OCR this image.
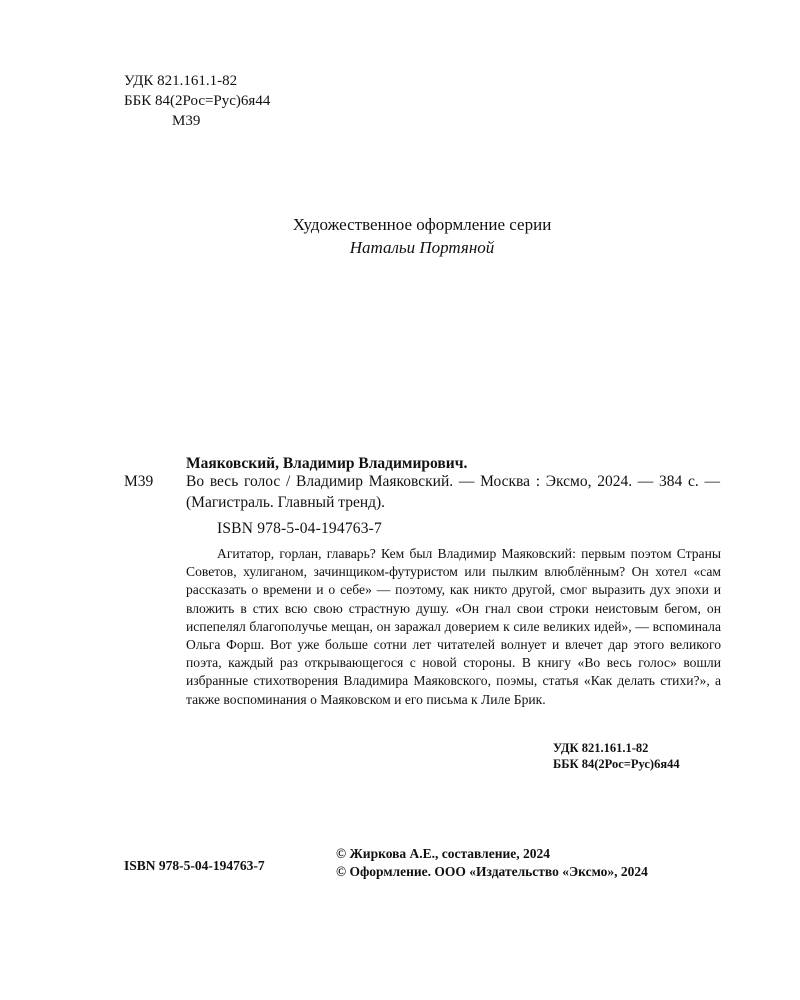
УДК 821.161.1-82
ББК 84(2Рос=Рус)6я44
М39
Художественное оформление серии
Натальи Портяной
Маяковский, Владимир Владимирович.
М39 Во весь голос / Владимир Маяковский. — Москва : Эксмо, 2024. — 384 с. — (Магистраль. Главный тренд).
ISBN 978-5-04-194763-7

Агитатор, горлан, главарь? Кем был Владимир Маяковский: первым поэтом Страны Советов, хулиганом, зачинщиком-футуристом или пылким влюблённым? Он хотел «сам рассказать о времени и о себе» — поэтому, как никто другой, смог выразить дух эпохи и вложить в стих всю свою страстную душу. «Он гнал свои строки неистовым бегом, он испепелял благополучье мещан, он заражал доверием к силе великих идей», — вспоминала Ольга Форш. Вот уже больше сотни лет читателей волнует и влечет дар этого великого поэта, каждый раз открывающегося с новой стороны. В книгу «Во весь голос» вошли избранные стихотворения Владимира Маяковского, поэмы, статья «Как делать стихи?», а также воспоминания о Маяковском и его письма к Лиле Брик.

УДК 821.161.1-82
ББК 84(2Рос=Рус)6я44
ISBN 978-5-04-194763-7
© Жиркова А.Е., составление, 2024
© Оформление. ООО «Издательство «Эксмо», 2024
